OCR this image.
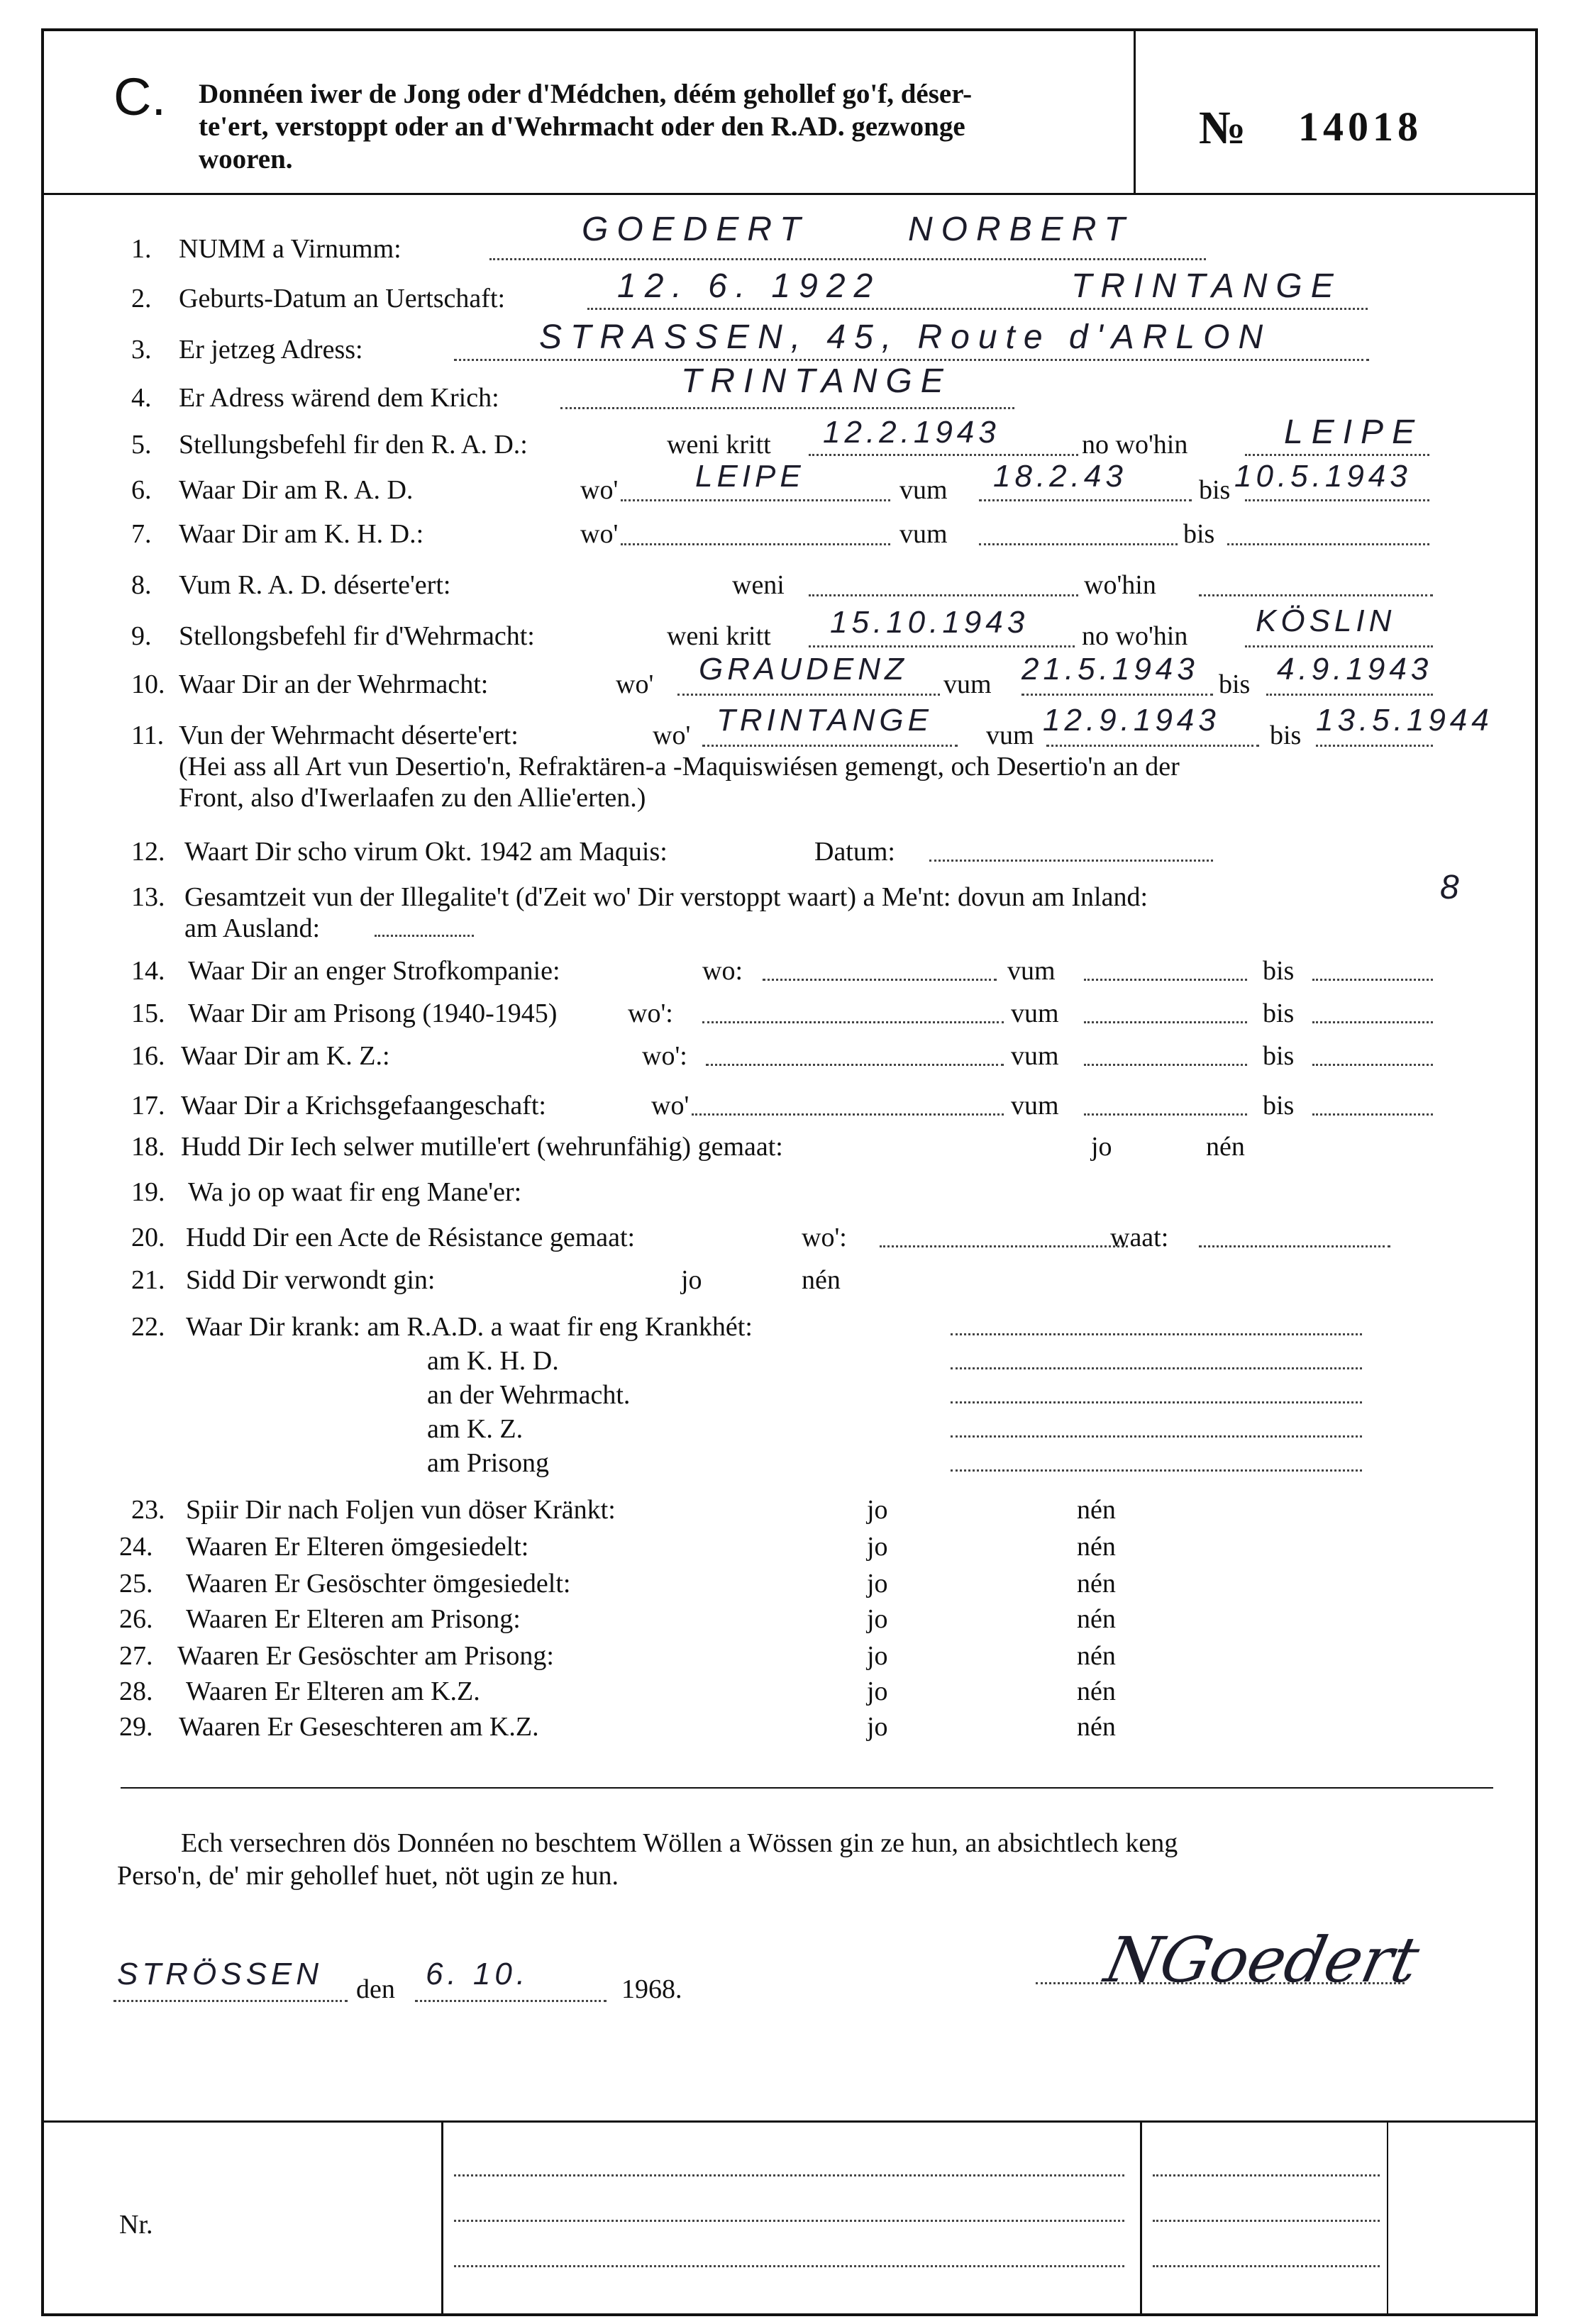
C. Donnéen iwer de Jong oder d'Médchen, déém gehollef go'f, déser-
te'ert, verstoppt oder an d'Wehrmacht oder den R.AD. gezwonge
wooren.
№ 14018
1. NUMM a Virnumm:
GOEDERT	NORBERT
2. Geburts-Datum an Uertschaft:	12. 6. 1922	TRINTANGE
3. Er jetzeg Adress:	STRASSEN, 45, Route d'ARLON
4. Er Adress wärend dem Krich:	TRINTANGE
5. Stellungsbefehl fir den R. A. D.:	weni kritt 12.2.1943	no wo'hin	LEIPE
6. Waar Dir am R. A. D.	wo' LEIPE	vum 18.2.43	bis 10.5.1943
7. Waar Dir am K. H. D.:	wo'	vum	bis
8. Vum R. A. D. déserte'ert:	weni	wo'hin
9. Stellongsbefehl fir d'Wehrmacht:	weni kritt 15.10.1943 no wo'hin KÖSLIN
10. Waar Dir an der Wehrmacht:	wo' GRAUDENZ vum 21.5.1943 bis 4.9.1943
11. Vun der Wehrmacht déserte'ert:	wo' TRINTANGE vum 12.9.1943 bis 13.5.1944
(Hei ass all Art vun Desertio'n, Refraktären-a -Maquiswiésen gemengt, och Desertio'n an der
Front, also d'Iwerlaafen zu den Allie'erten.)
12. Waart Dir scho virum Okt. 1942 am Maquis:	Datum:
13. Gesamtzeit vun der Illegalite't (d'Zeit wo' Dir verstoppt waart) a Me'nt: dovun am Inland:	8
am Ausland:
14. Waar Dir an enger Strofkompanie:	wo:	vum	bis
15. Waar Dir am Prisong (1940-1945)	wo':	vum	bis
16. Waar Dir am K. Z.:	wo':	vum	bis
17. Waar Dir a Krichsgefaangeschaft:	wo'	vum	bis
18. Hudd Dir Iech selwer mutille'ert (wehrunfähig) gemaat:	jo	nén
19. Wa jo op waat fir eng Mane'er:
20. Hudd Dir een Acte de Résistance gemaat:	wo':	waat:
21. Sidd Dir verwondt gin:	jo	nén
22. Waar Dir krank: am R.A.D. a waat fir eng Krankhét:
am K. H. D.
an der Wehrmacht.
am K. Z.
am Prisong
23. Spiir Dir nach Foljen vun döser Kränkt:	jo	nén
24. Waaren Er Elteren ömgesiedelt:	jo	nén
25. Waaren Er Gesöschter ömgesiedelt:	jo	nén
26. Waaren Er Elteren am Prisong:	jo	nén
27. Waaren Er Gesöschter am Prisong:	jo	nén
28. Waaren Er Elteren am K.Z.	jo	nén
29. Waaren Er Geseschteren am K.Z.	jo	nén
Ech versechren dös Donnéen no beschtem Wöllen a Wössen gin ze hun, an absichtlech keng
Perso'n, de' mir gehollef huet, nöt ugin ze hun.
STRÖSSEN den 6. 10.	1968.	NGoedert
Nr.
